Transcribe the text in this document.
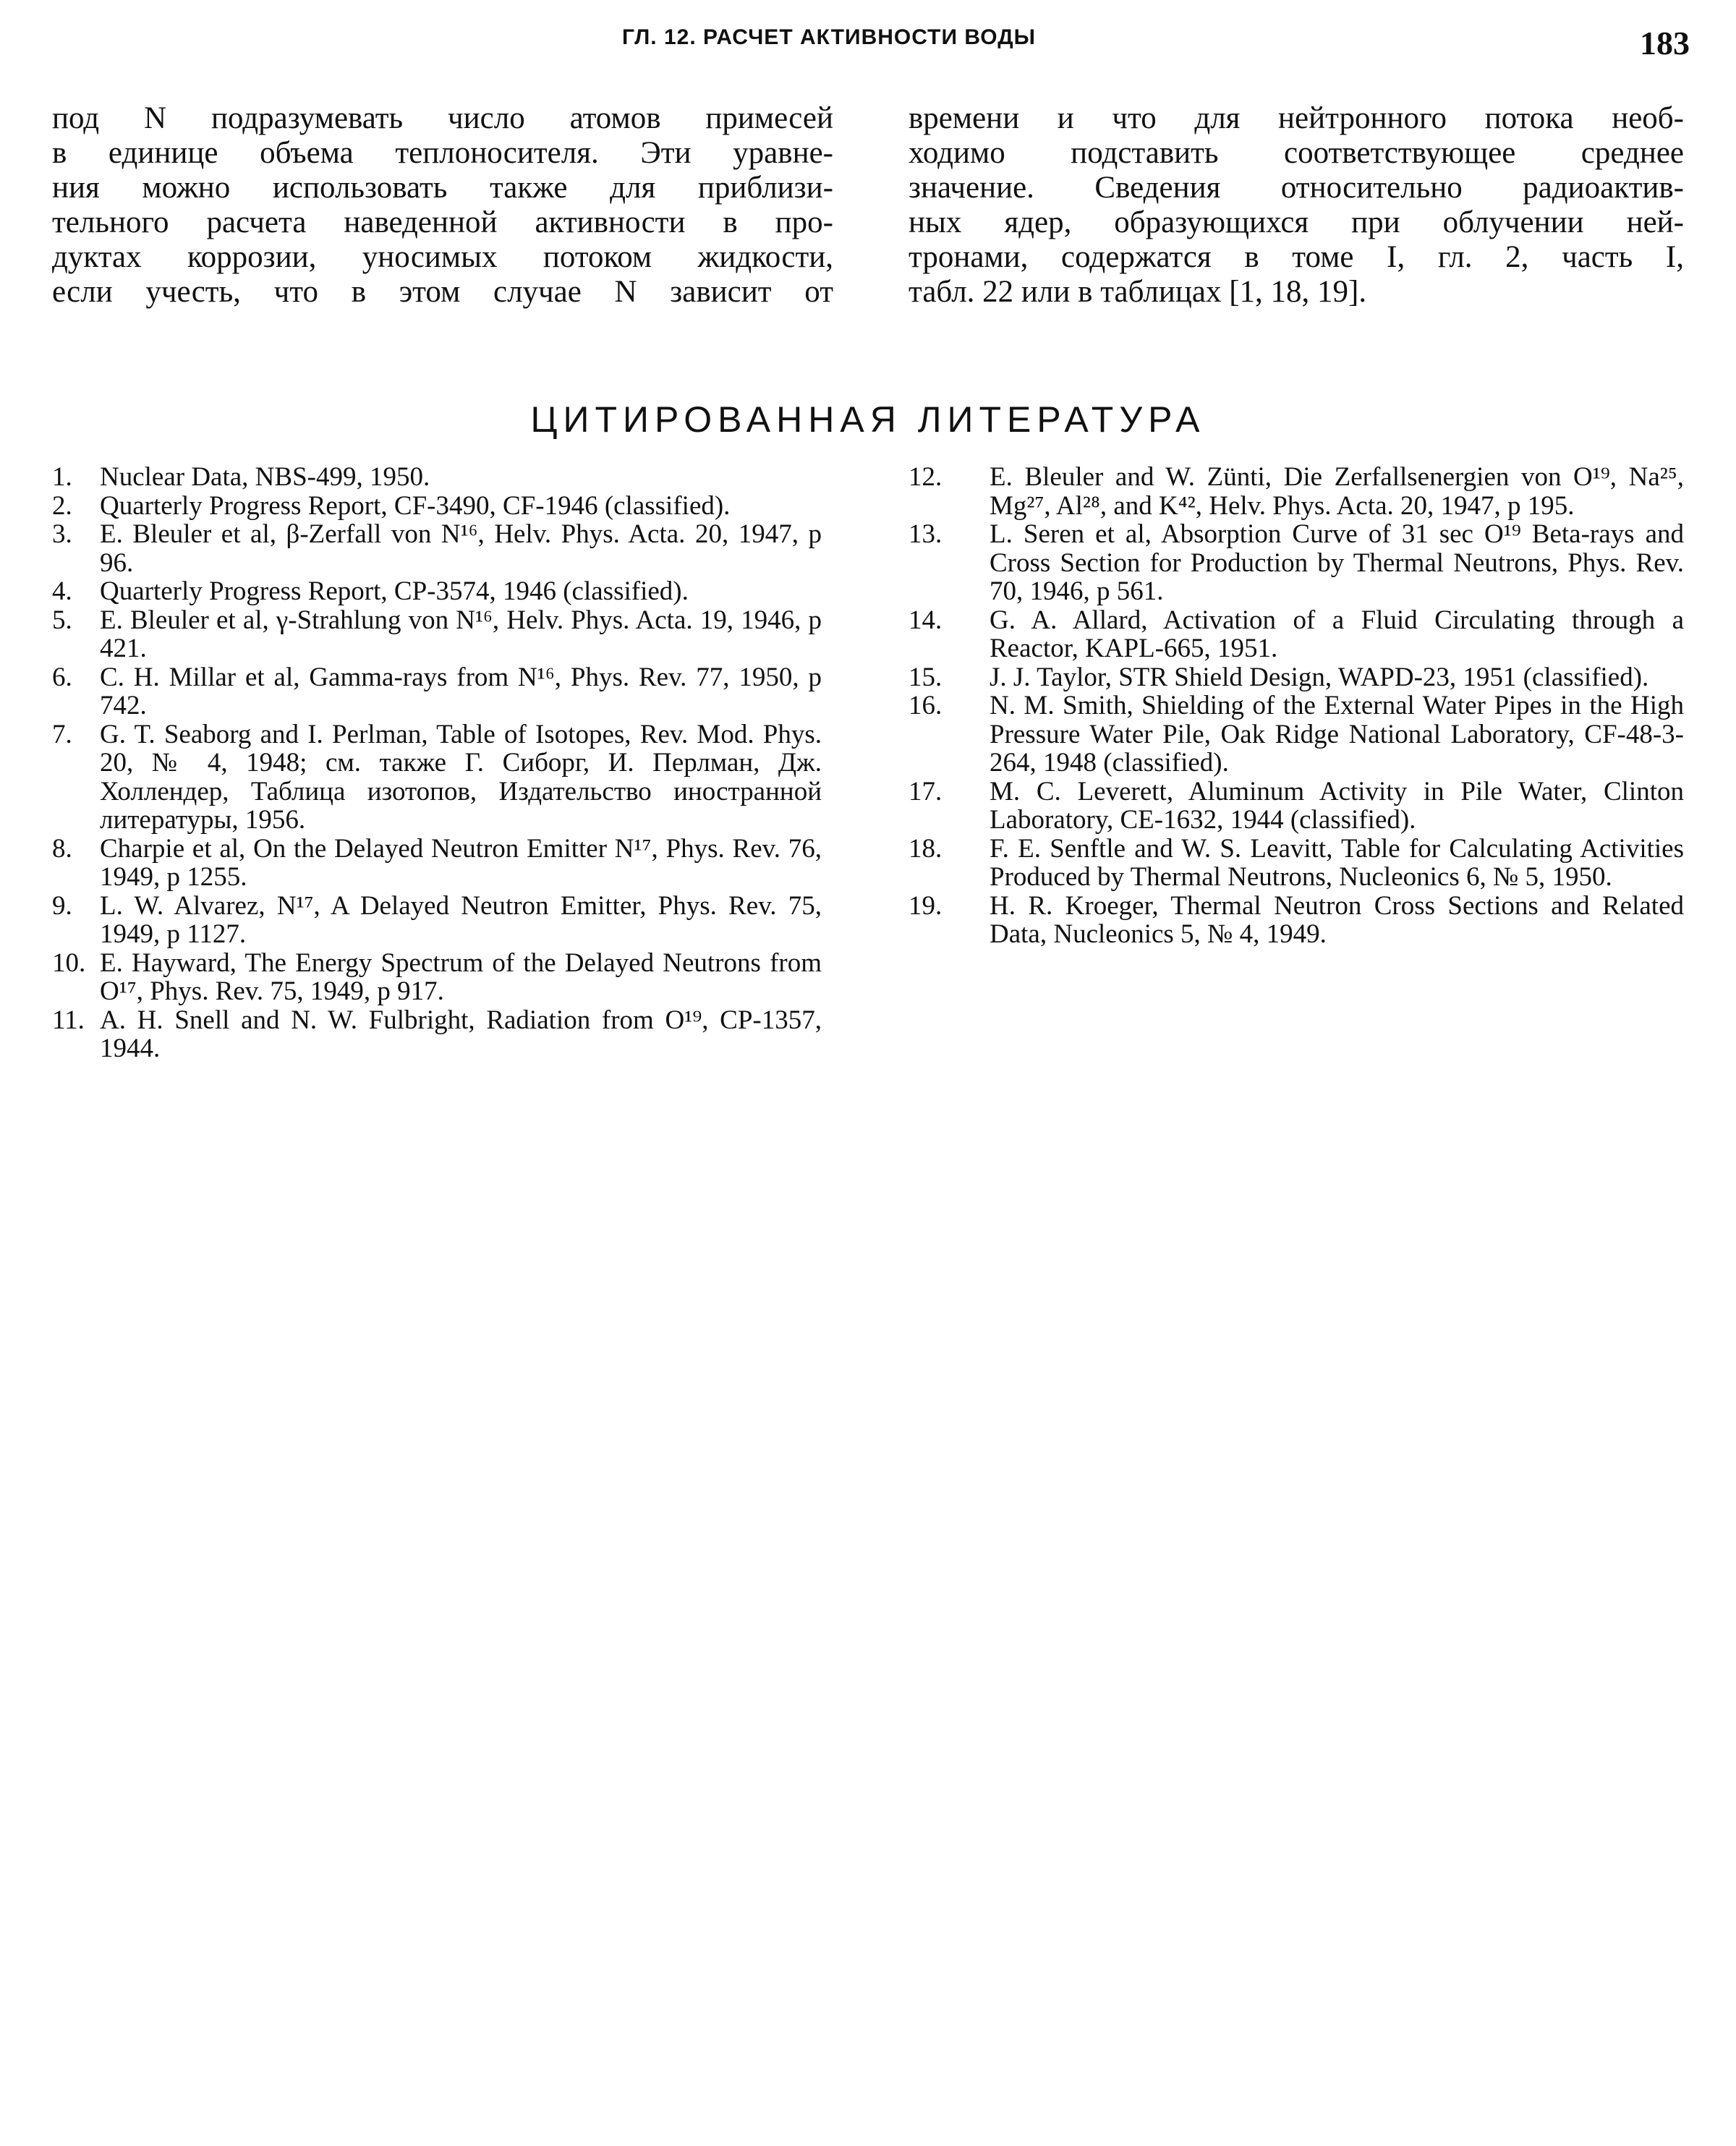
ГЛ. 12. РАСЧЕТ АКТИВНОСТИ ВОДЫ	183
под N подразумевать число атомов примесей
в единице объема теплоносителя. Эти уравне-
ния можно использовать также для приблизи-
тельного расчета наведенной активности в про-
дуктах коррозии, уносимых потоком жидкости,
если учесть, что в этом случае N зависит от
времени и что для нейтронного потока необ-
ходимо подставить соответствующее среднее
значение. Сведения относительно радиоактив-
ных ядер, образующихся при облучении ней-
тронами, содержатся в томе I, гл. 2, часть I,
табл. 22 или в таблицах [1, 18, 19].
ЦИТИРОВАННАЯ ЛИТЕРАТУРА
1.	Nuclear Data, NBS-499, 1950.
2.	Quarterly Progress Report, CF-3490, CF-1946 (classified).
3.	E. Bleuler et al, β-Zerfall von N¹⁶, Helv. Phys. Acta. 20, 1947, p 96.
4.	Quarterly Progress Report, CP-3574, 1946 (classified).
5.	E. Bleuler et al, γ-Strahlung von N¹⁶, Helv. Phys. Acta. 19, 1946, p 421.
6.	C. H. Millar et al, Gamma-rays from N¹⁶, Phys. Rev. 77, 1950, p 742.
7.	G. T. Seaborg and I. Perlman, Table of Isotopes, Rev. Mod. Phys. 20, № 4, 1948; см. также Г. Сиборг, И. Перлман, Дж. Холлендер, Таблица изотопов, Издательство иностранной литературы, 1956.
8.	Charpie et al, On the Delayed Neutron Emitter N¹⁷, Phys. Rev. 76, 1949, p 1255.
9.	L. W. Alvarez, N¹⁷, A Delayed Neutron Emitter, Phys. Rev. 75, 1949, p 1127.
10. E. Hayward, The Energy Spectrum of the Delayed Neutrons from O¹⁷, Phys. Rev. 75, 1949, p 917.
11. A. H. Snell and N. W. Fulbright, Radiation from O¹⁹, CP-1357, 1944.
12.	E. Bleuler and W. Zünti, Die Zerfallsenergien von O¹⁹, Na²⁵, Mg²⁷, Al²⁸, and K⁴², Helv. Phys. Acta. 20, 1947, p 195.
13.	L. Seren et al, Absorption Curve of 31 sec O¹⁹ Beta-rays and Cross Section for Production by Thermal Neutrons, Phys. Rev. 70, 1946, p 561.
14.	G. A. Allard, Activation of a Fluid Circulating through a Reactor, KAPL-665, 1951.
15.	J. J. Taylor, STR Shield Design, WAPD-23, 1951 (classified).
16.	N. M. Smith, Shielding of the External Water Pipes in the High Pressure Water Pile, Oak Ridge National Laboratory, CF-48-3-264, 1948 (classified).
17.	M. C. Leverett, Aluminum Activity in Pile Water, Clinton Laboratory, CE-1632, 1944 (classified).
18.	F. E. Senftle and W. S. Leavitt, Table for Calculating Activities Produced by Thermal Neutrons, Nucleonics 6, № 5, 1950.
19.	H. R. Kroeger, Thermal Neutron Cross Sections and Related Data, Nucleonics 5, № 4, 1949.
